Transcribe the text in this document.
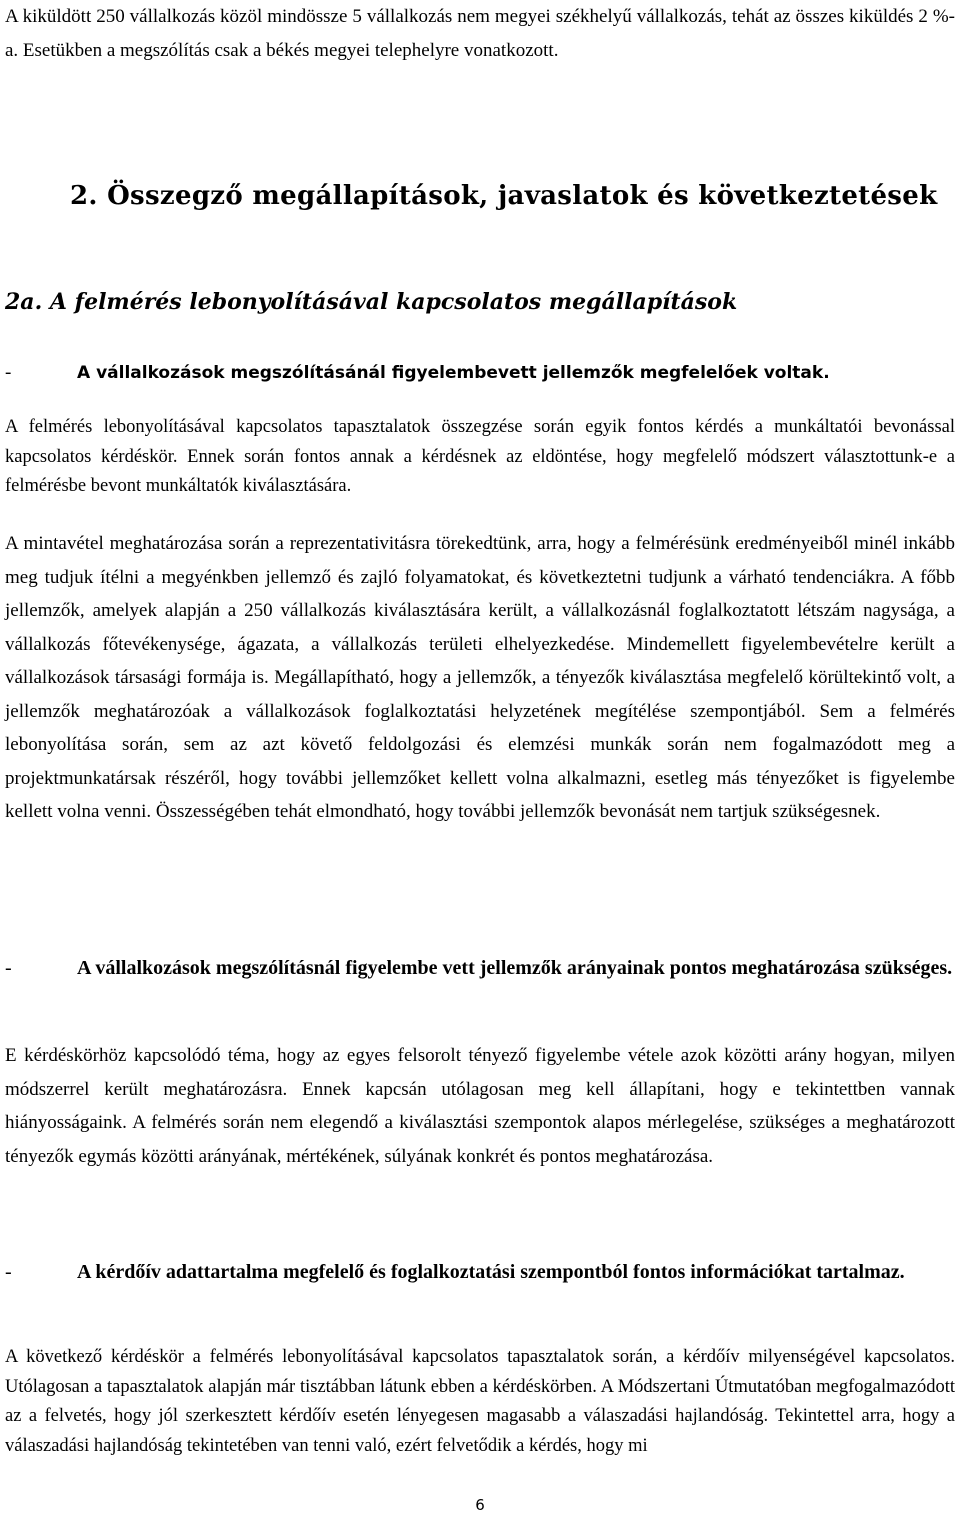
A kiküldött 250 vállalkozás közöl mindössze 5 vállalkozás nem megyei székhelyű vállalkozás, tehát az összes kiküldés 2 %-a. Esetükben a megszólítás csak a békés megyei telephelyre vonatkozott.

2. Összegző megállapítások, javaslatok és következtetések
2a. A felmérés lebonyolításával kapcsolatos megállapítások
-	A vállalkozások megszólításánál figyelembevett jellemzők megfelelőek voltak.

A felmérés lebonyolításával kapcsolatos tapasztalatok összegzése során egyik fontos kérdés a munkáltatói bevonással kapcsolatos kérdéskör. Ennek során fontos annak a kérdésnek az eldöntése, hogy megfelelő módszert választottunk-e a felmérésbe bevont munkáltatók kiválasztására.

A mintavétel meghatározása során a reprezentativitásra törekedtünk, arra, hogy a felmérésünk eredményeiből minél inkább meg tudjuk ítélni a megyénkben jellemző és zajló folyamatokat, és következtetni tudjunk a várható tendenciákra. A főbb jellemzők, amelyek alapján a 250 vállalkozás kiválasztására került, a vállalkozásnál foglalkoztatott létszám nagysága, a vállalkozás főtevékenysége, ágazata, a vállalkozás területi elhelyezkedése. Mindemellett figyelembevételre került a vállalkozások társasági formája is. Megállapítható, hogy a jellemzők, a tényezők kiválasztása megfelelő körültekintő volt, a jellemzők meghatározóak a vállalkozások foglalkoztatási helyzetének megítélése szempontjából. Sem a felmérés lebonyolítása során, sem az azt követő feldolgozási és elemzési munkák során nem fogalmazódott meg a projektmunkatársak részéről, hogy további jellemzőket kellett volna alkalmazni, esetleg más tényezőket is figyelembe kellett volna venni. Összességében tehát elmondható, hogy további jellemzők bevonását nem tartjuk szükségesnek.

-	A vállalkozások megszólításnál figyelembe vett jellemzők arányainak pontos meghatározása szükséges.

E kérdéskörhöz kapcsolódó téma, hogy az egyes felsorolt tényező figyelembe vétele azok közötti arány hogyan, milyen módszerrel került meghatározásra. Ennek kapcsán utólagosan meg kell állapítani, hogy e tekintettben vannak hiányosságaink. A felmérés során nem elegendő a kiválasztási szempontok alapos mérlegelése, szükséges a meghatározott tényezők egymás közötti arányának, mértékének, súlyának konkrét és pontos meghatározása.

-	A kérdőív adattartalma megfelelő és foglalkoztatási szempontból fontos információkat tartalmaz.

A következő kérdéskör a felmérés lebonyolításával kapcsolatos tapasztalatok során, a kérdőív milyenségével kapcsolatos. Utólagosan a tapasztalatok alapján már tisztábban látunk ebben a kérdéskörben. A Módszertani Útmutatóban megfogalmazódott az a felvetés, hogy jól szerkesztett kérdőív esetén lényegesen magasabb a válaszadási hajlandóság. Tekintettel arra, hogy a válaszadási hajlandóság tekintetében van tenni való, ezért felvetődik a kérdés, hogy mi

6
